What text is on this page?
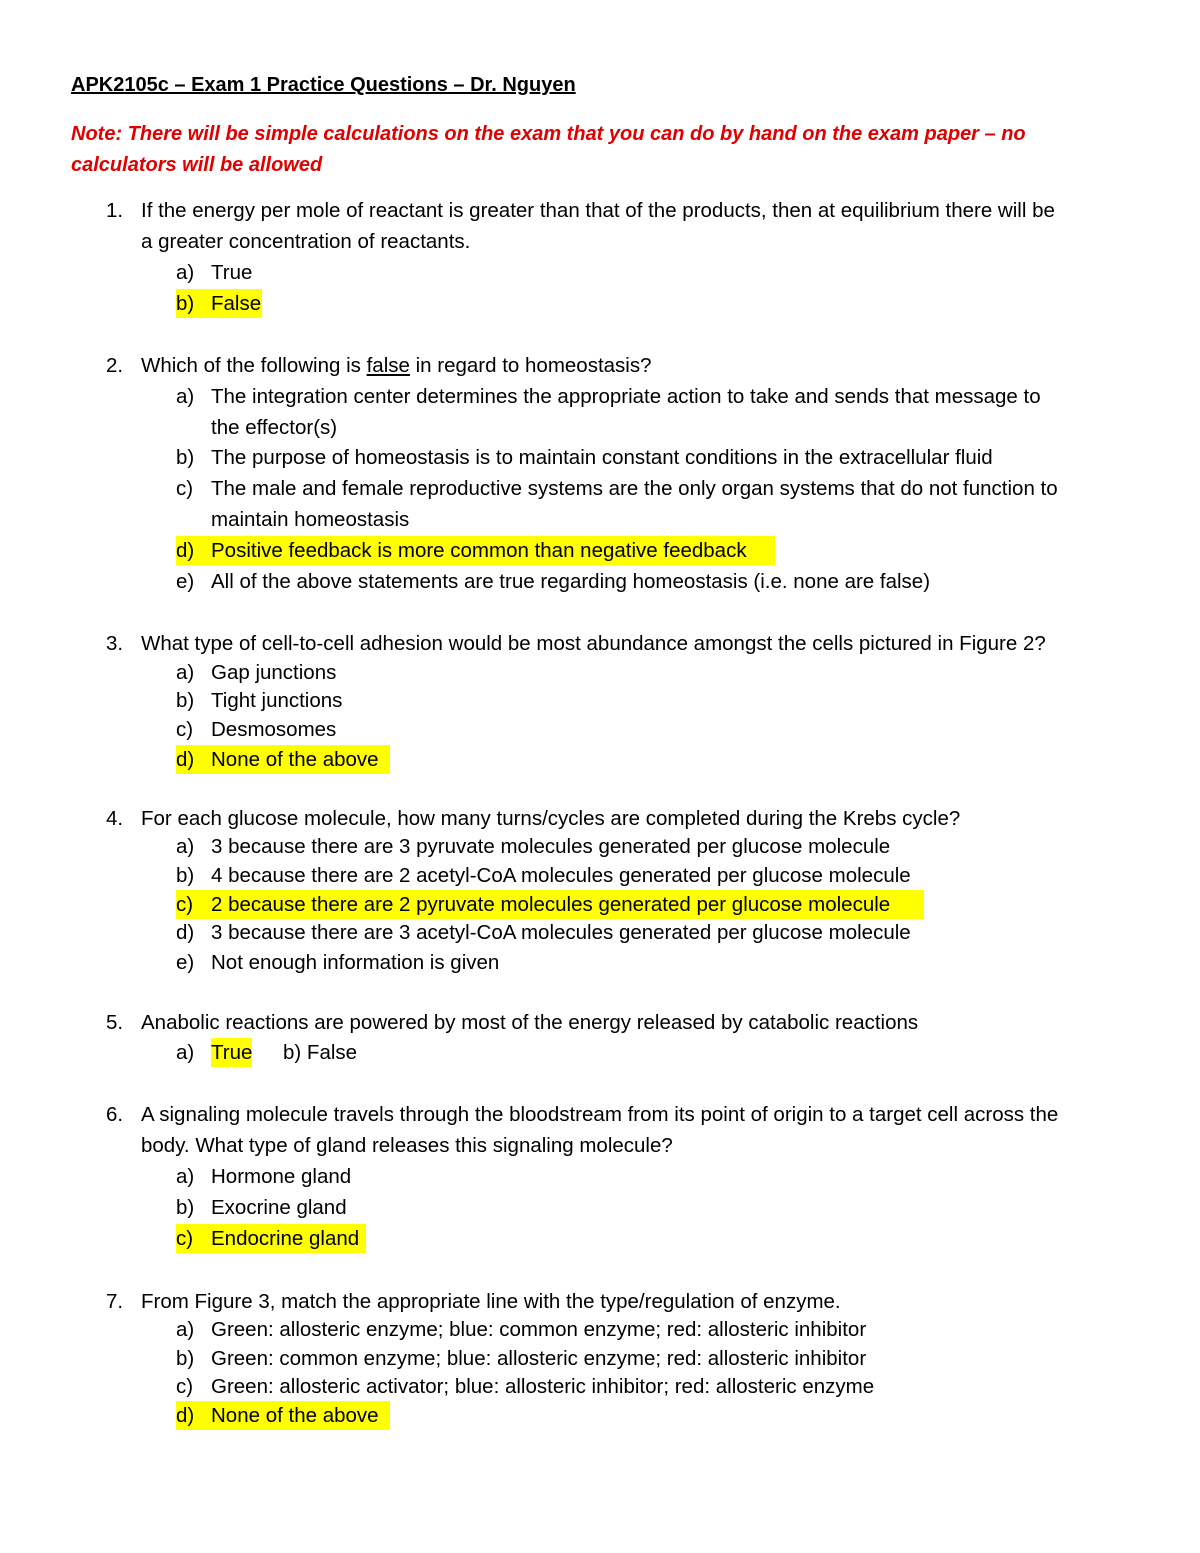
APK2105c – Exam 1 Practice Questions – Dr. Nguyen
Note: There will be simple calculations on the exam that you can do by hand on the exam paper – no calculators will be allowed
1. If the energy per mole of reactant is greater than that of the products, then at equilibrium there will be
a greater concentration of reactants.
a) True
b) False
2. Which of the following is false in regard to homeostasis?
a) The integration center determines the appropriate action to take and sends that message to
the effector(s)
b) The purpose of homeostasis is to maintain constant conditions in the extracellular fluid
c) The male and female reproductive systems are the only organ systems that do not function to
maintain homeostasis
d) Positive feedback is more common than negative feedback
e) All of the above statements are true regarding homeostasis (i.e. none are false)
3. What type of cell-to-cell adhesion would be most abundance amongst the cells pictured in Figure 2?
a) Gap junctions
b) Tight junctions
c) Desmosomes
d) None of the above
4. For each glucose molecule, how many turns/cycles are completed during the Krebs cycle?
a) 3 because there are 3 pyruvate molecules generated per glucose molecule
b) 4 because there are 2 acetyl-CoA molecules generated per glucose molecule
c) 2 because there are 2 pyruvate molecules generated per glucose molecule
d) 3 because there are 3 acetyl-CoA molecules generated per glucose molecule
e) Not enough information is given
5. Anabolic reactions are powered by most of the energy released by catabolic reactions
a) True b) False
6. A signaling molecule travels through the bloodstream from its point of origin to a target cell across the
body. What type of gland releases this signaling molecule?
a) Hormone gland
b) Exocrine gland
c) Endocrine gland
7. From Figure 3, match the appropriate line with the type/regulation of enzyme.
a) Green: allosteric enzyme; blue: common enzyme; red: allosteric inhibitor
b) Green: common enzyme; blue: allosteric enzyme; red: allosteric inhibitor
c) Green: allosteric activator; blue: allosteric inhibitor; red: allosteric enzyme
d) None of the above
